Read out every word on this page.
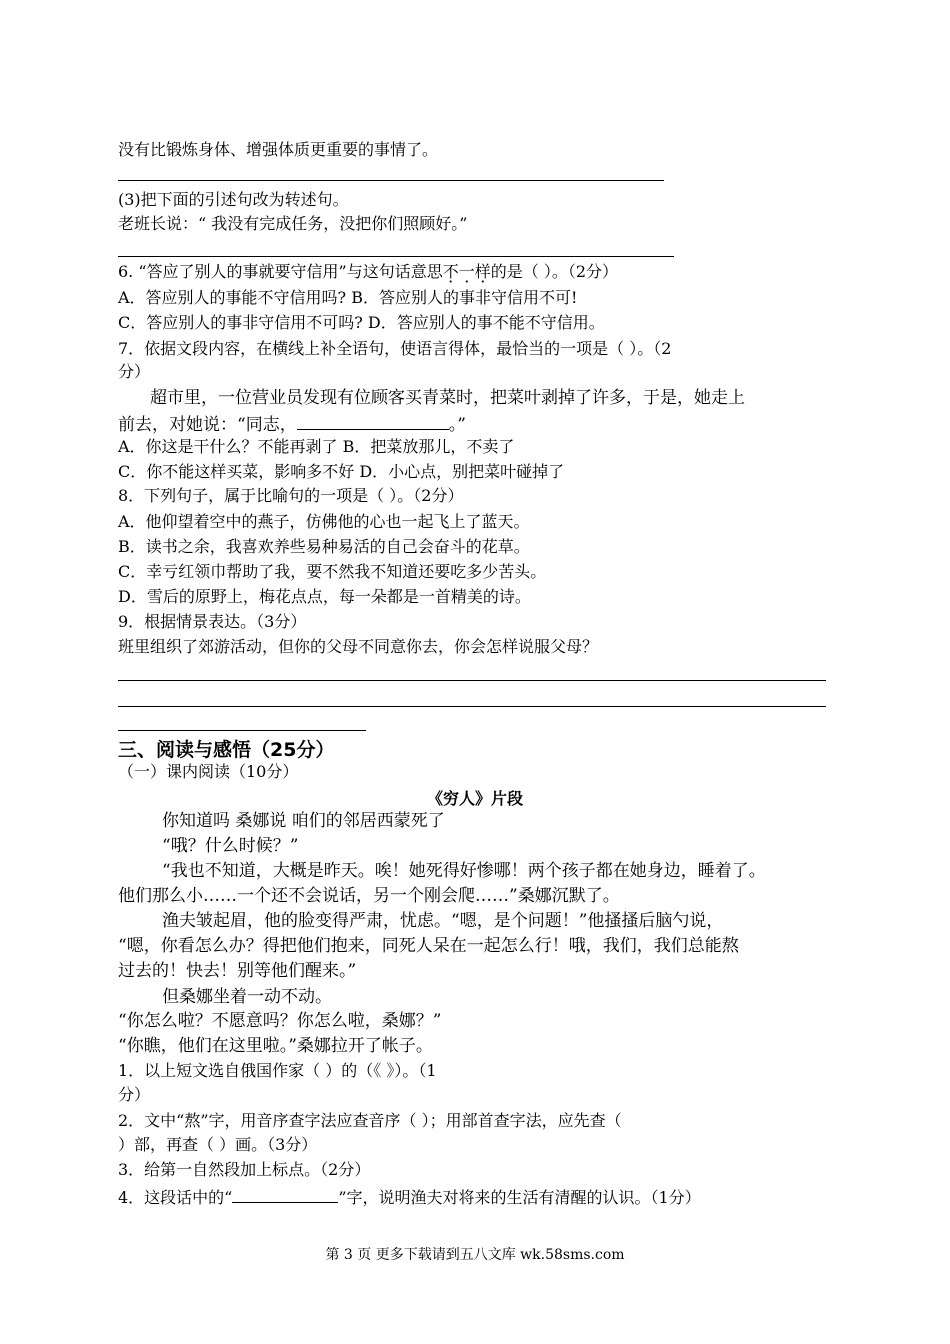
没有比锻炼身体、增强体质更重要的事情了。
(3)把下面的引述句改为转述句。
老班长说：“ 我没有完成任务，没把你们照顾好。”
6. “答应了别人的事就要守信用”与这句话意思不一样的是（ ）。（2分）
A．答应别人的事能不守信用吗? B．答应别人的事非守信用不可!
C．答应别人的事非守信用不可吗? D．答应别人的事不能不守信用。
7．依据文段内容，在横线上补全语句，使语言得体，最恰当的一项是（ ）。（2
分）
超市里，一位营业员发现有位顾客买青菜时，把菜叶剥掉了许多，于是，她走上
前去，对她说：“同志，	。”
A．你这是干什么？不能再剥了 B．把菜放那儿，不卖了
C．你不能这样买菜，影响多不好 D．小心点，别把菜叶碰掉了
8．下列句子，属于比喻句的一项是（ ）。（2分）
A．他仰望着空中的燕子，仿佛他的心也一起飞上了蓝天。
B．读书之余，我喜欢养些易种易活的自己会奋斗的花草。
C．幸亏红领巾帮助了我，要不然我不知道还要吃多少苦头。
D．雪后的原野上，梅花点点，每一朵都是一首精美的诗。
9．根据情景表达。（3分）
班里组织了郊游活动，但你的父母不同意你去，你会怎样说服父母？
三、阅读与感悟（25分）
（一）课内阅读（10分）
《穷人》片段
你知道吗 桑娜说 咱们的邻居西蒙死了
“哦？什么时候？”
“我也不知道，大概是昨天。唉！她死得好惨哪！两个孩子都在她身边，睡着了。
他们那么小……一个还不会说话，另一个刚会爬……”桑娜沉默了。
渔夫皱起眉，他的脸变得严肃，忧虑。“嗯，是个问题！”他搔搔后脑勺说，
“嗯，你看怎么办？得把他们抱来，同死人呆在一起怎么行！哦，我们，我们总能熬
过去的！快去！别等他们醒来。”
但桑娜坐着一动不动。
“你怎么啦？不愿意吗？你怎么啦，桑娜？”
“你瞧，他们在这里啦。”桑娜拉开了帐子。
1．以上短文选自俄国作家（ ）的（《 》）。（1
分）
2．文中“熬”字，用音序查字法应查音序（ ）；用部首查字法，应先查（
）部，再查（ ）画。（3分）
3．给第一自然段加上标点。（2分）
4．这段话中的“	”字，说明渔夫对将来的生活有清醒的认识。（1分）
第 3 页 更多下载请到五八文库 wk.58sms.com
